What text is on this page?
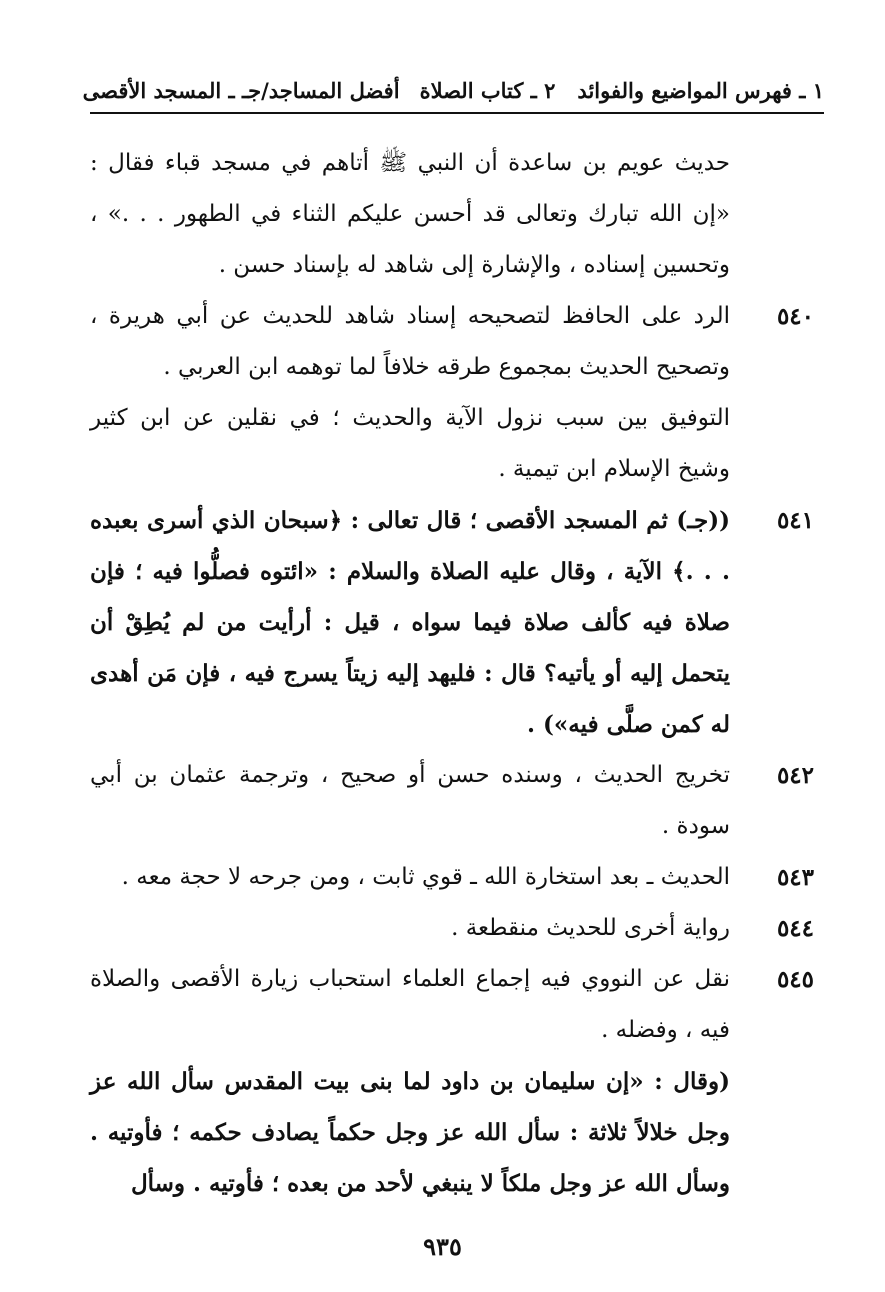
١ ـ فهرس المواضيع والفوائد
٢ ـ كتاب الصلاة
أفضل المساجد/جـ ـ المسجد الأقصى
حديث عويم بن ساعدة أن النبي ﷺ أتاهم في مسجد قباء فقال : «إن الله تبارك وتعالى قد أحسن عليكم الثناء في الطهور . . .» ، وتحسين إسناده ، والإشارة إلى شاهد له بإسناد حسن .
٥٤٠
الرد على الحافظ لتصحيحه إسناد شاهد للحديث عن أبي هريرة ، وتصحيح الحديث بمجموع طرقه خلافاً لما توهمه ابن العربي .
التوفيق بين سبب نزول الآية والحديث ؛ في نقلين عن ابن كثير وشيخ الإسلام ابن تيمية .
٥٤١
((جـ) ثم المسجد الأقصى ؛ قال تعالى : ﴿سبحان الذي أسرى بعبده . . .﴾ الآية ، وقال عليه الصلاة والسلام : «ائتوه فصلُّوا فيه ؛ فإن صلاة فيه كألف صلاة فيما سواه ، قيل : أرأيت من لم يُطِقْ أن يتحمل إليه أو يأتيه؟ قال : فليهد إليه زيتاً يسرج فيه ، فإن مَن أهدى له كمن صلَّى فيه») .
٥٤٢
تخريج الحديث ، وسنده حسن أو صحيح ، وترجمة عثمان بن أبي سودة .
٥٤٣
الحديث ـ بعد استخارة الله ـ قوي ثابت ، ومن جرحه لا حجة معه .
٥٤٤
رواية أخرى للحديث منقطعة .
٥٤٥
نقل عن النووي فيه إجماع العلماء استحباب زيارة الأقصى والصلاة فيه ، وفضله .
(وقال : «إن سليمان بن داود لما بنى بيت المقدس سأل الله عز وجل خلالاً ثلاثة : سأل الله عز وجل حكماً يصادف حكمه ؛ فأوتيه . وسأل الله عز وجل ملكاً لا ينبغي لأحد من بعده ؛ فأوتيه . وسأل
٩٣٥
